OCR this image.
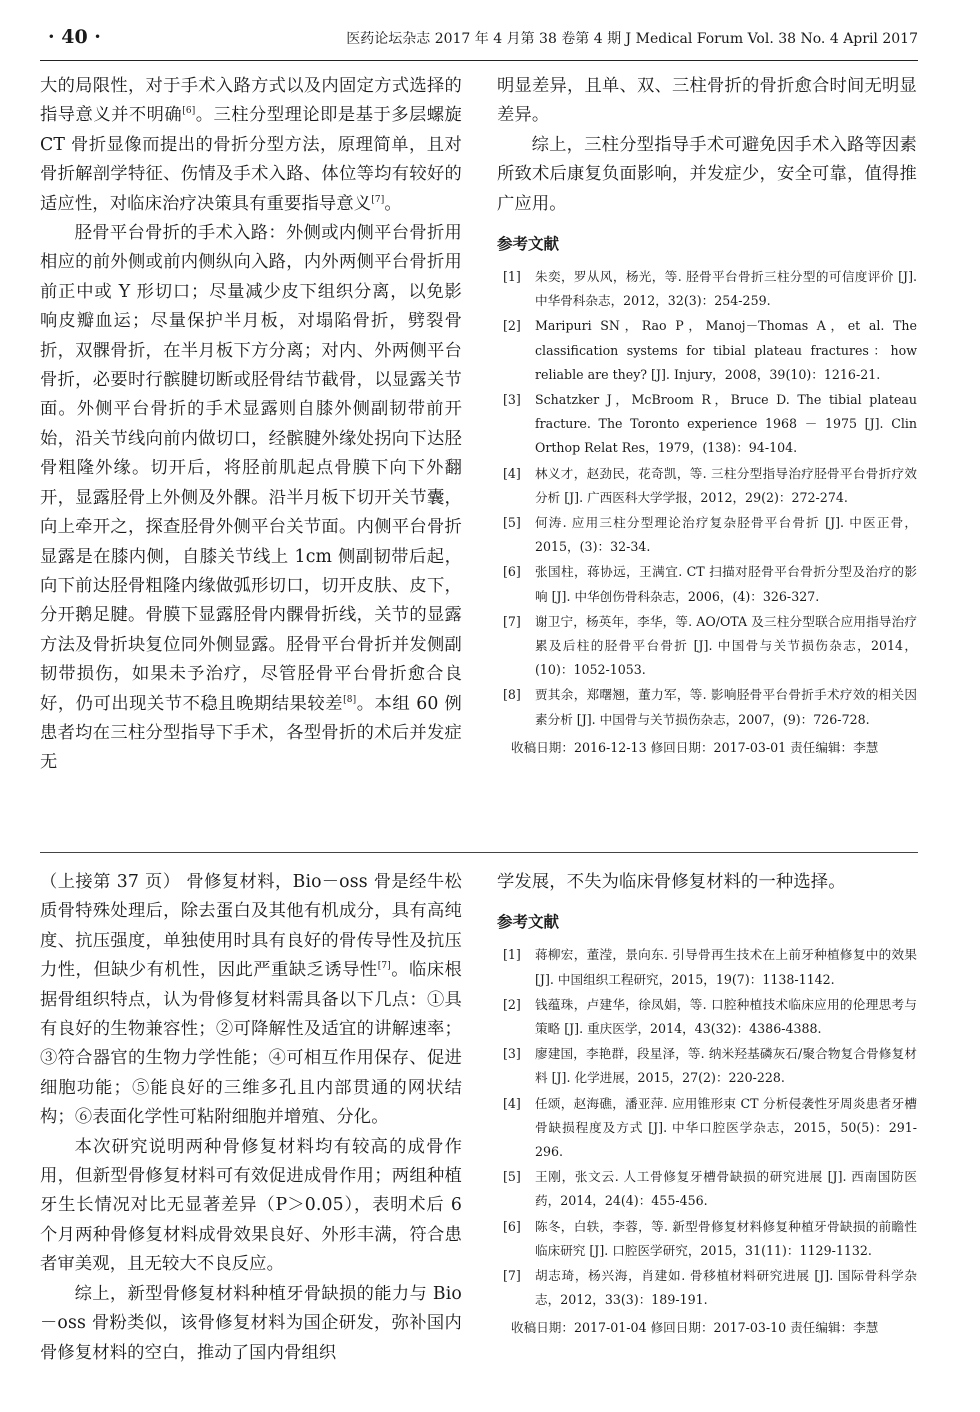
· 40 ·	医药论坛杂志 2017 年 4 月第 38 卷第 4 期 J Medical Forum Vol. 38 No. 4 April 2017

大的局限性，对于手术入路方式以及内固定方式选择的指导意义并不明确[6]。三柱分型理论即是基于多层螺旋 CT 骨折显像而提出的骨折分型方法，原理简单，且对骨折解剖学特征、伤情及手术入路、体位等均有较好的适应性，对临床治疗决策具有重要指导意义[7]。

胫骨平台骨折的手术入路：外侧或内侧平台骨折用相应的前外侧或前内侧纵向入路，内外两侧平台骨折用前正中或 Y 形切口；尽量减少皮下组织分离，以免影响皮瓣血运；尽量保护半月板，对塌陷骨折，劈裂骨折，双髁骨折，在半月板下方分离；对内、外两侧平台骨折，必要时行髌腱切断或胫骨结节截骨，以显露关节面。外侧平台骨折的手术显露则自膝外侧副韧带前开始，沿关节线向前内做切口，经髌腱外缘处拐向下达胫骨粗隆外缘。切开后，将胫前肌起点骨膜下向下外翻开，显露胫骨上外侧及外髁。沿半月板下切开关节囊，向上牵开之，探查胫骨外侧平台关节面。内侧平台骨折显露是在膝内侧，自膝关节线上 1cm 侧副韧带后起，向下前达胫骨粗隆内缘做弧形切口，切开皮肤、皮下，分开鹅足腱。骨膜下显露胫骨内髁骨折线，关节的显露方法及骨折块复位同外侧显露。胫骨平台骨折并发侧副韧带损伤，如果未予治疗，尽管胫骨平台骨折愈合良好，仍可出现关节不稳且晚期结果较差[8]。本组 60 例患者均在三柱分型指导下手术，各型骨折的术后并发症无

明显差异，且单、双、三柱骨折的骨折愈合时间无明显差异。

综上，三柱分型指导手术可避免因手术入路等因素所致术后康复负面影响，并发症少，安全可靠，值得推广应用。

参考文献
[1] 朱奕，罗从风，杨光，等. 胫骨平台骨折三柱分型的可信度评价 [J]. 中华骨科杂志，2012，32(3)：254-259.
[2] Maripuri SN，Rao P，Manoj－Thomas A，et al. The classification systems for tibial plateau fractures：how reliable are they? [J]. Injury，2008，39(10)：1216-21.
[3] Schatzker J，McBroom R，Bruce D. The tibial plateau fracture. The Toronto experience 1968 － 1975 [J]. Clin Orthop Relat Res，1979，(138)：94-104.
[4] 林义才，赵劲民，花奇凯，等. 三柱分型指导治疗胫骨平台骨折疗效分析 [J]. 广西医科大学学报，2012，29(2)：272-274.
[5] 何涛. 应用三柱分型理论治疗复杂胫骨平台骨折 [J]. 中医正骨，2015，(3)：32-34.
[6] 张国柱，蒋协远，王满宜. CT 扫描对胫骨平台骨折分型及治疗的影响 [J]. 中华创伤骨科杂志，2006，(4)：326-327.
[7] 谢卫宁，杨英年，李华，等. AO/OTA 及三柱分型联合应用指导治疗累及后柱的胫骨平台骨折 [J]. 中国骨与关节损伤杂志，2014，(10)：1052-1053.
[8] 贾其余，郑曙翘，董力军，等. 影响胫骨平台骨折手术疗效的相关因素分析 [J]. 中国骨与关节损伤杂志，2007，(9)：726-728.
收稿日期：2016-12-13 修回日期：2017-03-01 责任编辑：李慧

（上接第 37 页） 骨修复材料，Bio－oss 骨是经牛松质骨特殊处理后，除去蛋白及其他有机成分，具有高纯度、抗压强度，单独使用时具有良好的骨传导性及抗压力性，但缺少有机性，因此严重缺乏诱导性[7]。临床根据骨组织特点，认为骨修复材料需具备以下几点：①具有良好的生物兼容性；②可降解性及适宜的讲解速率；③符合器官的生物力学性能；④可相互作用保存、促进细胞功能；⑤能良好的三维多孔且内部贯通的网状结构；⑥表面化学性可粘附细胞并增殖、分化。

本次研究说明两种骨修复材料均有较高的成骨作用，但新型骨修复材料可有效促进成骨作用；两组种植牙生长情况对比无显著差异（P＞0.05），表明术后 6 个月两种骨修复材料成骨效果良好、外形丰满，符合患者审美观，且无较大不良反应。

综上，新型骨修复材料种植牙骨缺损的能力与 Bio－oss 骨粉类似，该骨修复材料为国企研发，弥补国内骨修复材料的空白，推动了国内骨组织

学发展，不失为临床骨修复材料的一种选择。

参考文献
[1] 蒋柳宏，董滢，景向东. 引导骨再生技术在上前牙种植修复中的效果 [J]. 中国组织工程研究，2015，19(7)：1138-1142.
[2] 钱蕴珠，卢建华，徐凤娟，等. 口腔种植技术临床应用的伦理思考与策略 [J]. 重庆医学，2014，43(32)：4386-4388.
[3] 廖建国，李艳群，段星泽，等. 纳米羟基磷灰石/聚合物复合骨修复材料 [J]. 化学进展，2015，27(2)：220-228.
[4] 任颂，赵海礁，潘亚萍. 应用锥形束 CT 分析侵袭性牙周炎患者牙槽骨缺损程度及方式 [J]. 中华口腔医学杂志，2015，50(5)：291-296.
[5] 王刚，张文云. 人工骨修复牙槽骨缺损的研究进展 [J]. 西南国防医药，2014，24(4)：455-456.
[6] 陈冬，白轶，李蓉，等. 新型骨修复材料修复种植牙骨缺损的前瞻性临床研究 [J]. 口腔医学研究，2015，31(11)：1129-1132.
[7] 胡志琦，杨兴海，肖建如. 骨移植材料研究进展 [J]. 国际骨科学杂志，2012，33(3)：189-191.
收稿日期：2017-01-04 修回日期：2017-03-10 责任编辑：李慧
